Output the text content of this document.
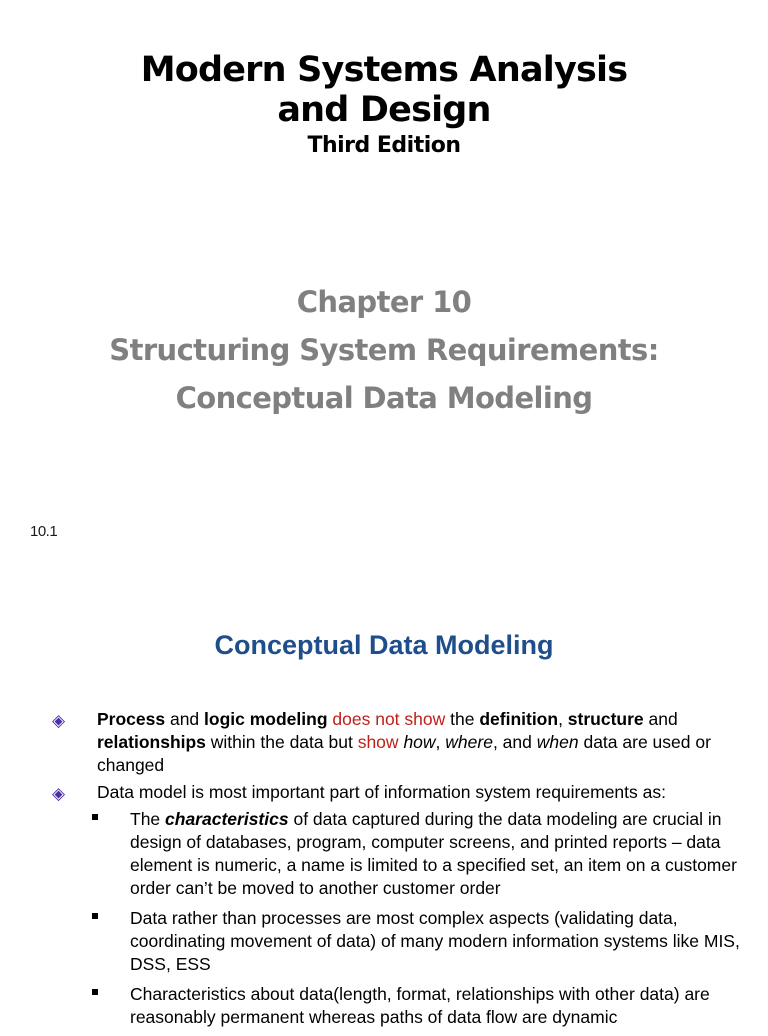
Modern Systems Analysis
and Design
Third Edition
Chapter 10
Structuring System Requirements:
Conceptual Data Modeling
10.1
Conceptual Data Modeling
◈ Process and logic modeling does not show the definition, structure and relationships within the data but show how, where, and when data are used or changed
◈ Data model is most important part of information system requirements as:
The characteristics of data captured during the data modeling are crucial in design of databases, program, computer screens, and printed reports – data element is numeric, a name is limited to a specified set, an item on a customer order can’t be moved to another customer order
Data rather than processes are most complex aspects (validating data, coordinating movement of data) of many modern information systems like MIS, DSS, ESS
Characteristics about data(length, format, relationships with other data) are reasonably permanent whereas paths of data flow are dynamic
